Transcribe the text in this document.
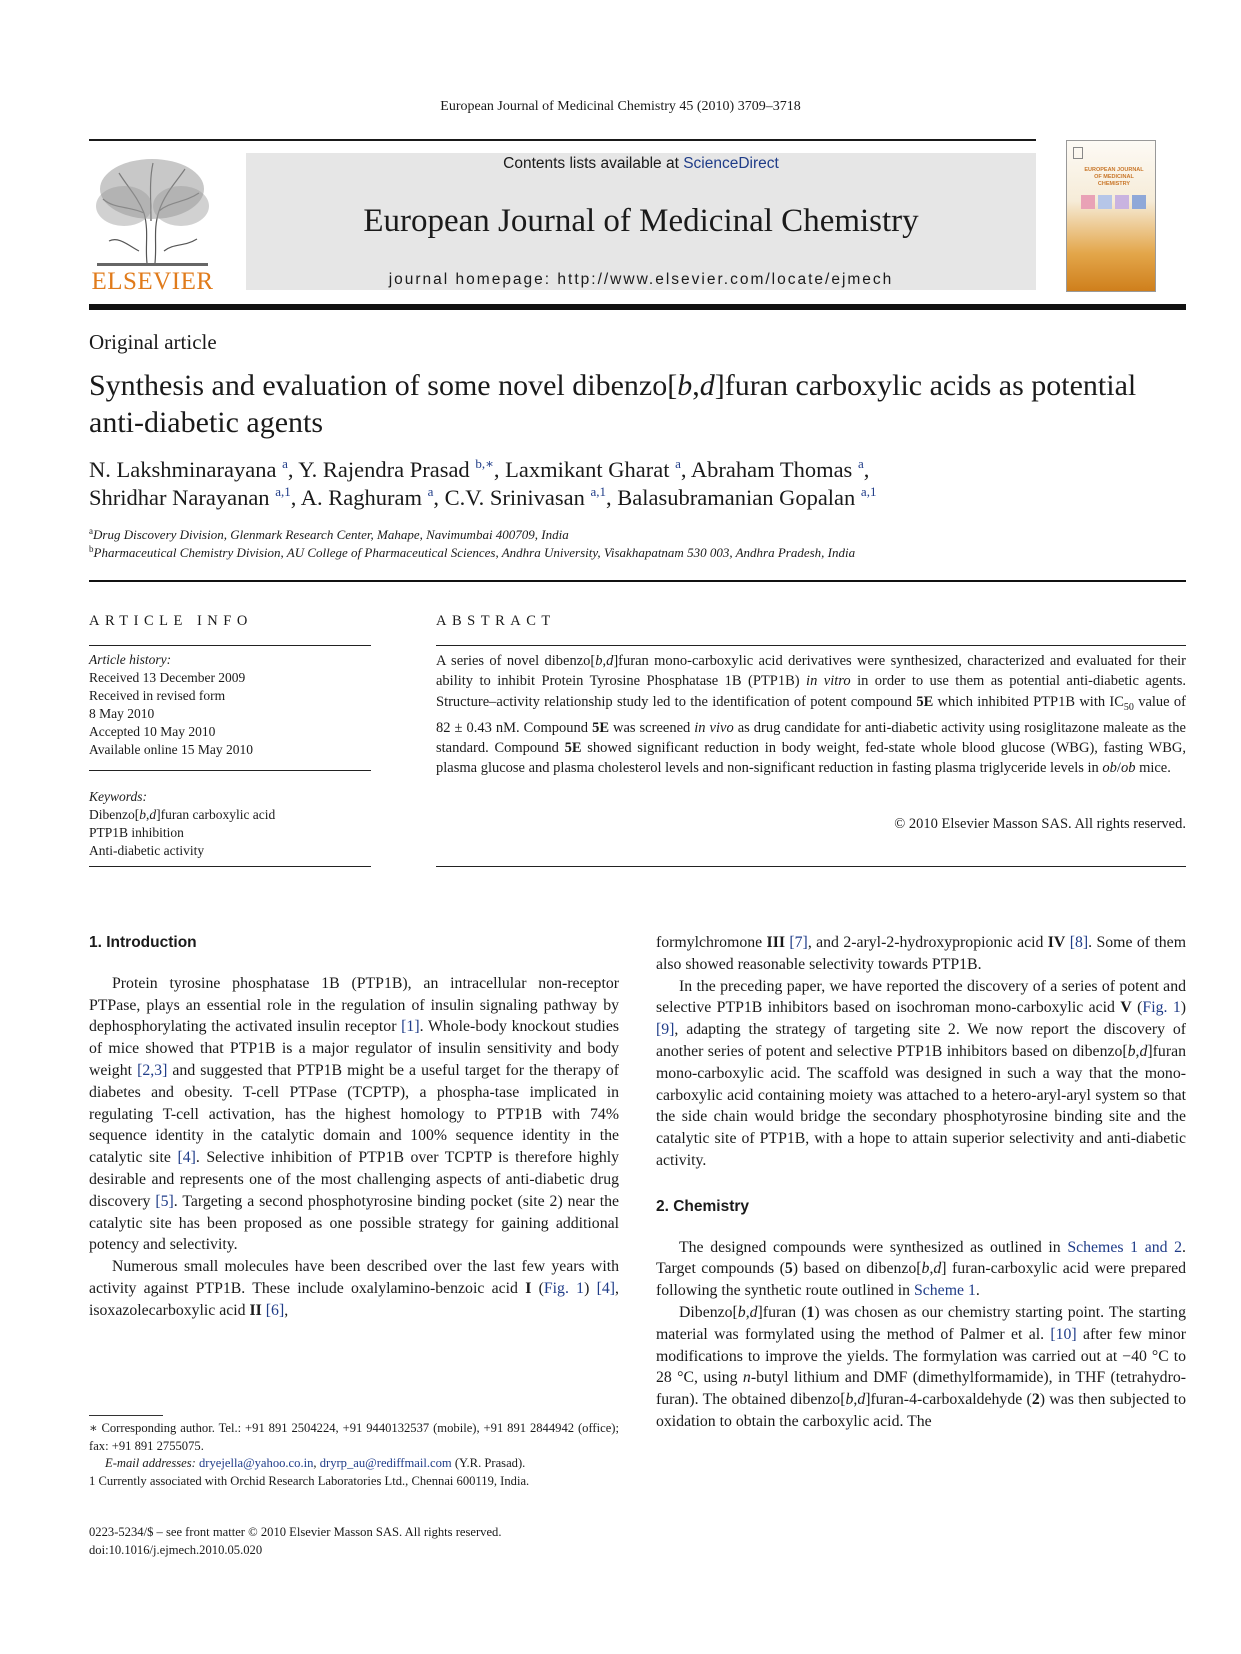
European Journal of Medicinal Chemistry 45 (2010) 3709–3718
ELSEVIER
Contents lists available at ScienceDirect
European Journal of Medicinal Chemistry
journal homepage: http://www.elsevier.com/locate/ejmech
EUROPEAN JOURNAL OF MEDICINAL CHEMISTRY
Original article
Synthesis and evaluation of some novel dibenzo[b,d]furan carboxylic acids as potential anti-diabetic agents
N. Lakshminarayana $^a$, Y. Rajendra Prasad $^{b,∗}$, Laxmikant Gharat $^a$, Abraham Thomas $^a$,
Shridhar Narayanan $^{a,1}$, A. Raghuram $^a$, C.V. Srinivasan $^{a,1}$, Balasubramanian Gopalan $^{a,1}$
$^a$Drug Discovery Division, Glenmark Research Center, Mahape, Navimumbai 400709, India
$^b$Pharmaceutical Chemistry Division, AU College of Pharmaceutical Sciences, Andhra University, Visakhapatnam 530 003, Andhra Pradesh, India
ARTICLE INFO
Article history:
Received 13 December 2009
Received in revised form
8 May 2010
Accepted 10 May 2010
Available online 15 May 2010
Keywords:
Dibenzo[b,d]furan carboxylic acid
PTP1B inhibition
Anti-diabetic activity
ABSTRACT
A series of novel dibenzo[b,d]furan mono-carboxylic acid derivatives were synthesized, characterized and evaluated for their ability to inhibit Protein Tyrosine Phosphatase 1B (PTP1B) in vitro in order to use them as potential anti-diabetic agents. Structure–activity relationship study led to the identification of potent compound 5E which inhibited PTP1B with $IC_{50}$ value of 82 ± 0.43 nM. Compound 5E was screened in vivo as drug candidate for anti-diabetic activity using rosiglitazone maleate as the standard. Compound 5E showed significant reduction in body weight, fed-state whole blood glucose (WBG), fasting WBG, plasma glucose and plasma cholesterol levels and non-significant reduction in fasting plasma triglyceride levels in ob/ob mice.
© 2010 Elsevier Masson SAS. All rights reserved.
1. Introduction

Protein tyrosine phosphatase 1B (PTP1B), an intracellular non-receptor PTPase, plays an essential role in the regulation of insulin signaling pathway by dephosphorylating the activated insulin receptor [1]. Whole-body knockout studies of mice showed that PTP1B is a major regulator of insulin sensitivity and body weight [2,3] and suggested that PTP1B might be a useful target for the therapy of diabetes and obesity. T-cell PTPase (TCPTP), a phospha-tase implicated in regulating T-cell activation, has the highest homology to PTP1B with 74% sequence identity in the catalytic domain and 100% sequence identity in the catalytic site [4]. Selective inhibition of PTP1B over TCPTP is therefore highly desirable and represents one of the most challenging aspects of anti-diabetic drug discovery [5]. Targeting a second phosphotyrosine binding pocket (site 2) near the catalytic site has been proposed as one possible strategy for gaining additional potency and selectivity.

Numerous small molecules have been described over the last few years with activity against PTP1B. These include oxalylamino-benzoic acid I (Fig. 1) [4], isoxazolecarboxylic acid II [6],

∗ Corresponding author. Tel.: +91 891 2504224, +91 9440132537 (mobile), +91 891 2844942 (office); fax: +91 891 2755075.
E-mail addresses: dryejella@yahoo.co.in, dryrp_au@rediffmail.com (Y.R. Prasad).
1 Currently associated with Orchid Research Laboratories Ltd., Chennai 600119, India.
0223-5234/$ – see front matter © 2010 Elsevier Masson SAS. All rights reserved.
doi:10.1016/j.ejmech.2010.05.020

formylchromone III [7], and 2-aryl-2-hydroxypropionic acid IV [8]. Some of them also showed reasonable selectivity towards PTP1B.

In the preceding paper, we have reported the discovery of a series of potent and selective PTP1B inhibitors based on isochroman mono-carboxylic acid V (Fig. 1) [9], adapting the strategy of targeting site 2. We now report the discovery of another series of potent and selective PTP1B inhibitors based on dibenzo[b,d]furan mono-carboxylic acid. The scaffold was designed in such a way that the mono-carboxylic acid containing moiety was attached to a hetero-aryl-aryl system so that the side chain would bridge the secondary phosphotyrosine binding site and the catalytic site of PTP1B, with a hope to attain superior selectivity and anti-diabetic activity.

2. Chemistry

The designed compounds were synthesized as outlined in Schemes 1 and 2. Target compounds (5) based on dibenzo[b,d] furan-carboxylic acid were prepared following the synthetic route outlined in Scheme 1.

Dibenzo[b,d]furan (1) was chosen as our chemistry starting point. The starting material was formylated using the method of Palmer et al. [10] after few minor modifications to improve the yields. The formylation was carried out at −40 °C to 28 °C, using n-butyl lithium and DMF (dimethylformamide), in THF (tetrahydro-furan). The obtained dibenzo[b,d]furan-4-carboxaldehyde (2) was then subjected to oxidation to obtain the carboxylic acid. The
